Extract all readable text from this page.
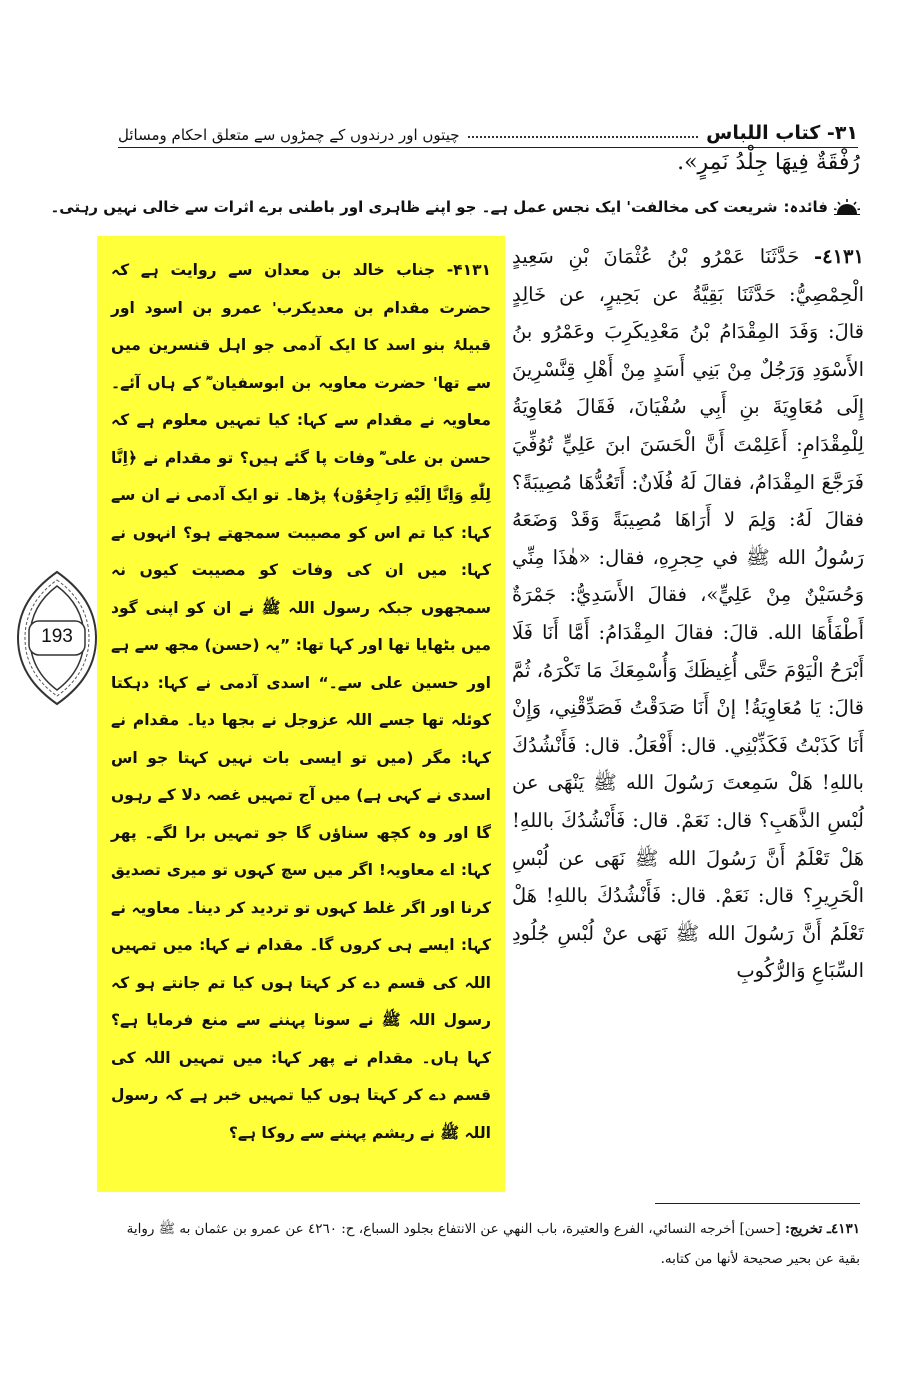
٣١- كتاب اللباس
چیتوں اور درندوں کے چمڑوں سے متعلق احکام ومسائل
رُفْقَةٌ فِيهَا جِلْدُ نَمِرٍ».
فائدہ:
شریعت کی مخالفت' ایک نجس عمل ہے۔ جو اپنے ظاہری اور باطنی برے اثرات سے خالی نہیں رہتی۔
٤١٣١- حَدَّثَنَا عَمْرُو بْنُ عُثْمَانَ بْنِ سَعِيدٍ الْحِمْصِيُّ: حَدَّثَنَا بَقِيَّةُ عن بَحِيرٍ، عن خَالِدٍ قالَ: وَفَدَ المِقْدَامُ بْنُ مَعْدِيكَرِبَ وعَمْرُو بنُ الأَسْوَدِ وَرَجُلٌ مِنْ بَنِي أَسَدٍ مِنْ أَهْلِ قِنَّسْرِينَ إِلَى مُعَاوِيَةَ بنِ أَبِي سُفْيَانَ، فَقَالَ مُعَاوِيَةُ لِلْمِقْدَامِ: أَعَلِمْتَ أَنَّ الْحَسَنَ ابنَ عَلِيٍّ تُوُفِّيَ فَرَجَّعَ المِقْدَامُ، فقالَ لَهُ فُلَانٌ: أَتَعُدُّهَا مُصِيبَةً؟ فقالَ لَهُ: وَلِمَ لا أَرَاهَا مُصِيبَةً وَقَدْ وَضَعَهُ رَسُولُ الله ﷺ في حِجرِهِ، فقال: «هٰذَا مِنِّي وَحُسَيْنٌ مِنْ عَلِيٍّ»، فقالَ الأَسَدِيُّ: جَمْرَةٌ أَطْفَأَهَا الله. قالَ: فقالَ المِقْدَامُ: أَمَّا أَنَا فَلَا أَبْرَحُ الْيَوْمَ حَتَّى أُغِيظَكَ وَأُسْمِعَكَ مَا تَكْرَهُ، ثُمَّ قالَ: يَا مُعَاوِيَةُ! إنْ أَنَا صَدَقْتُ فَصَدِّقْنِي، وَإِنْ أَنَا كَذَبْتُ فَكَذِّبْنِي. قال: أَفْعَلُ. قال: فَأَنْشُدُكَ باللهِ! هَلْ سَمِعتَ رَسُولَ الله ﷺ يَنْهَى عن لُبْسِ الذَّهَبِ؟ قال: نَعَمْ. قال: فَأَنْشُدُكَ باللهِ! هَلْ تَعْلَمُ أَنَّ رَسُولَ الله ﷺ نَهَى عن لُبْسِ الْحَرِيرِ؟ قال: نَعَمْ. قال: فَأَنْشُدُكَ باللهِ! هَلْ تَعْلَمُ أَنَّ رَسُولَ الله ﷺ نَهَى عنْ لُبْسِ جُلُودِ السِّبَاعِ وَالرُّكُوبِ

۴۱۳۱- جناب خالد بن معدان سے روایت ہے کہ حضرت مقدام بن معدیکرب' عمرو بن اسود اور قبیلۂ بنو اسد کا ایک آدمی جو اہل قنسرین میں سے تھا' حضرت معاویہ بن ابوسفیان ؓ کے ہاں آئے۔ معاویہ نے مقدام سے کہا: کیا تمہیں معلوم ہے کہ حسن بن علی ؓ وفات پا گئے ہیں؟ تو مقدام نے ﴿اِنَّا لِلّٰهِ وَاِنَّا اِلَيْهِ رَاجِعُوْن﴾ پڑھا۔ تو ایک آدمی نے ان سے کہا: کیا تم اس کو مصیبت سمجھتے ہو؟ انہوں نے کہا: میں ان کی وفات کو مصیبت کیوں نہ سمجھوں جبکہ رسول اللہ ﷺ نے ان کو اپنی گود میں بٹھایا تھا اور کہا تھا: ”یہ (حسن) مجھ سے ہے اور حسین علی سے۔“ اسدی آدمی نے کہا: دہکتا کوئلہ تھا جسے اللہ عزوجل نے بجھا دیا۔ مقدام نے کہا: مگر (میں تو ایسی بات نہیں کہتا جو اس اسدی نے کہی ہے) میں آج تمہیں غصہ دلا کے رہوں گا اور وہ کچھ سناؤں گا جو تمہیں برا لگے۔ پھر کہا: اے معاویہ! اگر میں سچ کہوں تو میری تصدیق کرنا اور اگر غلط کہوں تو تردید کر دینا۔ معاویہ نے کہا: ایسے ہی کروں گا۔ مقدام نے کہا: میں تمہیں اللہ کی قسم دے کر کہتا ہوں کیا تم جانتے ہو کہ رسول اللہ ﷺ نے سونا پہننے سے منع فرمایا ہے؟ کہا ہاں۔ مقدام نے پھر کہا: میں تمہیں اللہ کی قسم دے کر کہتا ہوں کیا تمہیں خبر ہے کہ رسول اللہ ﷺ نے ریشم پہننے سے روکا ہے؟

193
٤١٣١ـ تخريج: [حسن] أخرجه النسائي، الفرع والعتيرة، باب النهي عن الانتفاع بجلود السباع، ح: ٤٢٦٠ عن عمرو بن عثمان به ﷺ رواية بقية عن بحير صحيحة لأنها من كتابه.
